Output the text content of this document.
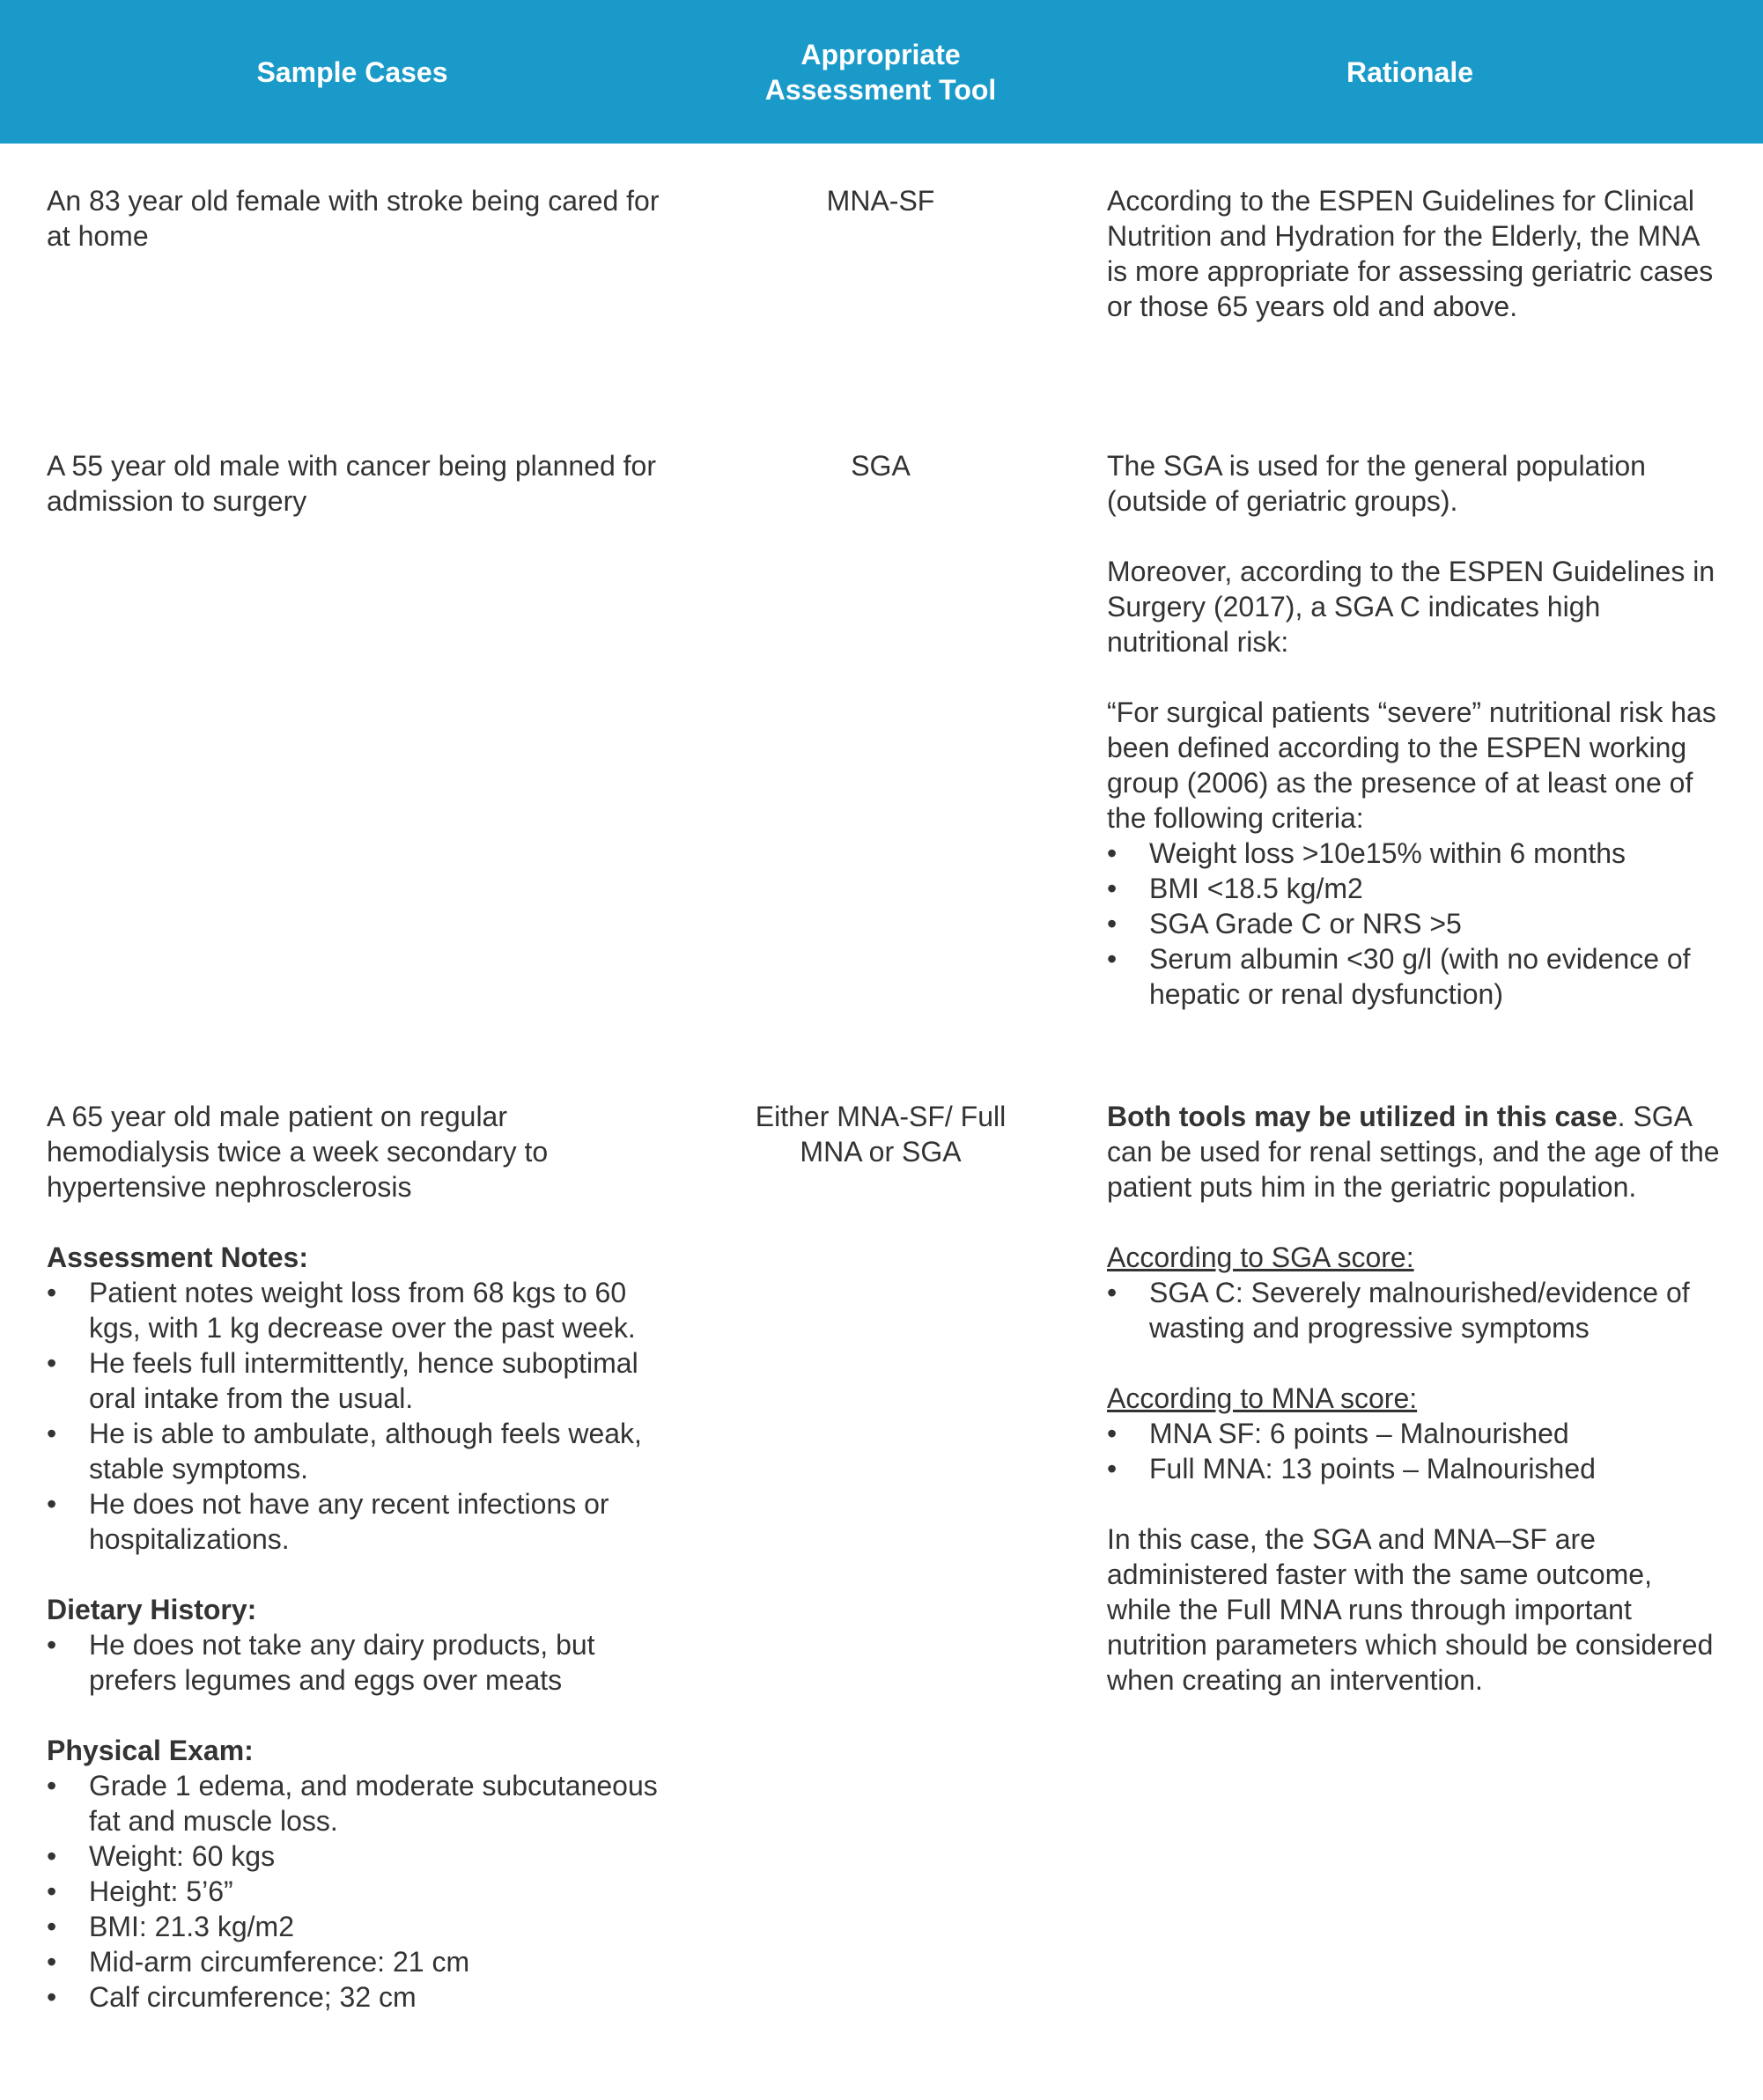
Sample Cases
Appropriate
Assessment Tool
Rationale

An 83 year old female with stroke being cared for at home

MNA-SF	According to the ESPEN Guidelines for Clinical Nutrition and Hydration for the Elderly, the MNA is more appropriate for assessing geriatric cases or those 65 years old and above.

A 55 year old male with cancer being planned for admission to surgery

SGA	The SGA is used for the general population (outside of geriatric groups).

Moreover, according to the ESPEN Guidelines in Surgery (2017), a SGA C indicates high nutritional risk:

“For surgical patients “severe” nutritional risk has been defined according to the ESPEN working group (2006) as the presence of at least one of the following criteria:

• Weight loss >10e15% within 6 months
• BMI <18.5 kg/m2
• SGA Grade C or NRS >5
• Serum albumin <30 g/l (with no evidence of hepatic or renal dysfunction)

A 65 year old male patient on regular hemodialysis twice a week secondary to hypertensive nephrosclerosis

Assessment Notes:

• Patient notes weight loss from 68 kgs to 60 kgs, with 1 kg decrease over the past week.
• He feels full intermittently, hence suboptimal oral intake from the usual.
• He is able to ambulate, although feels weak, stable symptoms.
• He does not have any recent infections or hospitalizations.

Dietary History:

• He does not take any dairy products, but prefers legumes and eggs over meats

Physical Exam:

• Grade 1 edema, and moderate subcutaneous fat and muscle loss.
• Weight: 60 kgs
• Height: 5’6”
• BMI: 21.3 kg/m2
• Mid-arm circumference: 21 cm
• Calf circumference; 32 cm

Either MNA-SF/ Full MNA or SGA

Both tools may be utilized in this case. SGA can be used for renal settings, and the age of the patient puts him in the geriatric population.

According to SGA score:

• SGA C: Severely malnourished/evidence of wasting and progressive symptoms

According to MNA score:

• MNA SF: 6 points – Malnourished
• Full MNA: 13 points – Malnourished

In this case, the SGA and MNA–SF are administered faster with the same outcome, while the Full MNA runs through important nutrition parameters which should be considered when creating an intervention.
